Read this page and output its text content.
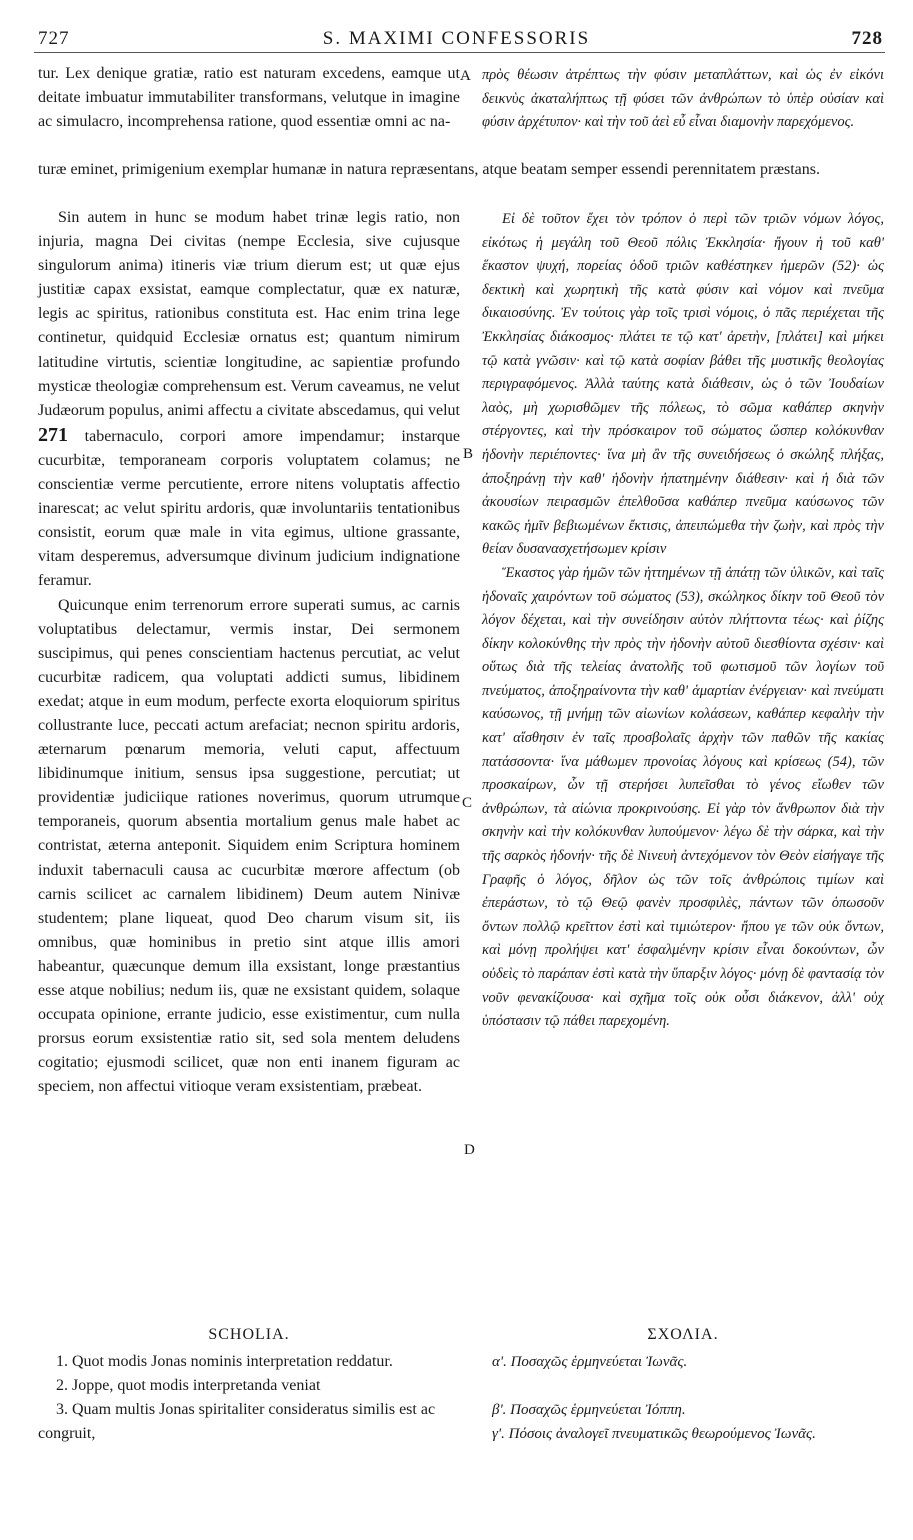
727	S. MAXIMI CONFESSORIS	728

tur. Lex denique gratiæ, ratio est naturam excedens, eamque ut deitate imbuatur immutabiliter transformans, velutque in imagine ac simulacro, incomprehensa ratione, quod essentiæ omni ac na-

πρὸς θέωσιν ἀτρέπτως τὴν φύσιν μεταπλάττων, καὶ ὡς ἐν εἰκόνι δεικνὺς ἀκαταλήπτως τῇ φύσει τῶν ἀνθρώπων τὸ ὑπὲρ οὐσίαν καὶ φύσιν ἀρχέτυπον· καὶ τὴν τοῦ ἀεὶ εὖ εἶναι διαμονὴν παρεχόμενος.

turæ eminet, primigenium exemplar humanæ in natura repræsentans, atque beatam semper essendi perennitatem præstans.

Sin autem in hunc se modum habet trinæ legis ratio, non injuria, magna Dei civitas (nempe Ecclesia, sive cujusque singulorum anima) itineris viæ trium dierum est; ut quæ ejus justitiæ capax exsistat, eamque complectatur, quæ ex naturæ, legis ac spiritus, rationibus constituta est. Hac enim trina lege continetur, quidquid Ecclesiæ ornatus est; quantum nimirum latitudine virtutis, scientiæ longitudine, ac sapientiæ profundo mysticæ theologiæ comprehensum est. Verum caveamus, ne velut Judæorum populus, animi affectu a civitate abscedamus, qui velut 271 tabernaculo, corpori amore impendamur; instarque cucurbitæ, temporaneam corporis voluptatem colamus; ne conscientiæ verme percutiente, errore nitens voluptatis affectio inarescat; ac velut spiritu ardoris, quæ involuntariis tentationibus consistit, eorum quæ male in vita egimus, ultione grassante, vitam desperemus, adversumque divinum judicium indignatione feramur.

Quicunque enim terrenorum errore superati sumus, ac carnis voluptatibus delectamur, vermis instar, Dei sermonem suscipimus, qui penes conscientiam hactenus percutiat, ac velut cucurbitæ radicem, qua voluptati addicti sumus, libidinem exedat; atque in eum modum, perfecte exorta eloquiorum spiritus collustrante luce, peccati actum arefaciat; necnon spiritu ardoris, æternarum pœnarum memoria, veluti caput, affectuum libidinumque initium, sensus ipsa suggestione, percutiat; ut providentiæ judiciique rationes noverimus, quorum utrumque temporaneis, quorum absentia mortalium genus male habet ac contristat, æterna anteponit. Siquidem enim Scriptura hominem induxit tabernaculi causa ac cucurbitæ mœrore affectum (ob carnis scilicet ac carnalem libidinem) Deum autem Ninivæ studentem; plane liqueat, quod Deo charum visum sit, iis omnibus, quæ hominibus in pretio sint atque illis amori habeantur, quæcunque demum illa exsistant, longe præstantius esse atque nobilius; nedum iis, quæ ne exsistant quidem, solaque occupata opinione, errante judicio, esse existimentur, cum nulla prorsus eorum exsistentiæ ratio sit, sed sola mentem deludens cogitatio; ejusmodi scilicet, quæ non enti inanem figuram ac speciem, non affectui vitioque veram exsistentiam, præbeat.

Εἰ δὲ τοῦτον ἔχει τὸν τρόπον ὁ περὶ τῶν τριῶν νόμων λόγος, εἰκότως ἡ μεγάλη τοῦ Θεοῦ πόλις Ἐκκλησία· ἤγουν ἡ τοῦ καθ' ἕκαστον ψυχή, πορείας ὁδοῦ τριῶν καθέστηκεν ἡμερῶν (52)· ὡς δεκτικὴ καὶ χωρητικὴ τῆς κατὰ φύσιν καὶ νόμον καὶ πνεῦμα δικαιοσύνης. Ἐν τούτοις γὰρ τοῖς τρισὶ νόμοις, ὁ πᾶς περιέχεται τῆς Ἐκκλησίας διάκοσμος· πλάτει τε τῷ κατ' ἀρετὴν, [πλάτει] καὶ μήκει τῷ κατὰ γνῶσιν· καὶ τῷ κατὰ σοφίαν βάθει τῆς μυστικῆς θεολογίας περιγραφόμενος. Ἀλλὰ ταύτης κατὰ διάθεσιν, ὡς ὁ τῶν Ἰουδαίων λαὸς, μὴ χωρισθῶμεν τῆς πόλεως, τὸ σῶμα καθάπερ σκηνὴν στέργοντες, καὶ τὴν πρόσκαιρον τοῦ σώματος ὥσπερ κολόκυνθαν ἡδονὴν περιέποντες· ἵνα μὴ ἂν τῆς συνειδήσεως ὁ σκώληξ πλήξας, ἀποξηράνῃ τὴν καθ' ἡδονὴν ἠπατημένην διάθεσιν· καὶ ἡ διὰ τῶν ἀκουσίων πειρασμῶν ἐπελθοῦσα καθάπερ πνεῦμα καύσωνος τῶν κακῶς ἡμῖν βεβιωμένων ἔκτισις, ἀπειπώμεθα τὴν ζωὴν, καὶ πρὸς τὴν θείαν δυσανασχετήσωμεν κρίσιν

Ἕκαστος γὰρ ἡμῶν τῶν ἡττημένων τῇ ἀπάτῃ τῶν ὑλικῶν, καὶ ταῖς ἡδοναῖς χαιρόντων τοῦ σώματος (53), σκώληκος δίκην τοῦ Θεοῦ τὸν λόγον δέχεται, καὶ τὴν συνείδησιν αὐτὸν πλήττοντα τέως· καὶ ῥίζης δίκην κολοκύνθης τὴν πρὸς τὴν ἡδονὴν αὐτοῦ διεσθίοντα σχέσιν· καὶ οὕτως διὰ τῆς τελείας ἀνατολῆς τοῦ φωτισμοῦ τῶν λογίων τοῦ πνεύματος, ἀποξηραίνοντα τὴν καθ' ἁμαρτίαν ἐνέργειαν· καὶ πνεύματι καύσωνος, τῇ μνήμῃ τῶν αἰωνίων κολάσεων, καθάπερ κεφαλὴν τὴν κατ' αἴσθησιν ἐν ταῖς προσβολαῖς ἀρχὴν τῶν παθῶν τῆς κακίας πατάσσοντα· ἵνα μάθωμεν προνοίας λόγους καὶ κρίσεως (54), τῶν προσκαίρων, ὧν τῇ στερήσει λυπεῖσθαι τὸ γένος εἴωθεν τῶν ἀνθρώπων, τὰ αἰώνια προκρινούσης. Εἰ γὰρ τὸν ἄνθρωπον διὰ τὴν σκηνὴν καὶ τὴν κολόκυνθαν λυπούμενον· λέγω δὲ τὴν σάρκα, καὶ τὴν τῆς σαρκὸς ἡδονήν· τῆς δὲ Νινευὴ ἀντεχόμενον τὸν Θεὸν εἰσήγαγε τῆς Γραφῆς ὁ λόγος, δῆλον ὡς τῶν τοῖς ἀνθρώποις τιμίων καὶ ἐπεράστων, τὸ τῷ Θεῷ φανὲν προσφιλὲς, πάντων τῶν ὁπωσοῦν ὄντων πολλῷ κρεῖττον ἐστὶ καὶ τιμιώτερον· ἤπου γε τῶν οὐκ ὄντων, καὶ μόνῃ προλήψει κατ' ἐσφαλμένην κρίσιν εἶναι δοκούντων, ὧν οὐδεὶς τὸ παράπαν ἐστὶ κατὰ τὴν ὕπαρξιν λόγος· μόνῃ δὲ φαντασίᾳ τὸν νοῦν φενακίζουσα· καὶ σχῆμα τοῖς οὐκ οὖσι διάκενον, ἀλλ' οὐχ ὑπόστασιν τῷ πάθει παρεχομένη.

A
B
C
D
SCHOLIA.	ΣΧΟΛΙΑ.
1. Quot modis Jonas nominis interpretation reddatur.
2. Joppe, quot modis interpretanda veniat
3. Quam multis Jonas spiritaliter consideratus similis est ac congruit,
α'. Ποσαχῶς ἑρμηνεύεται Ἰωνᾶς.
β'. Ποσαχῶς ἑρμηνεύεται Ἰόππη.
γ'. Πόσοις ἀναλογεῖ πνευματικῶς θεωρούμενος Ἰωνᾶς.
